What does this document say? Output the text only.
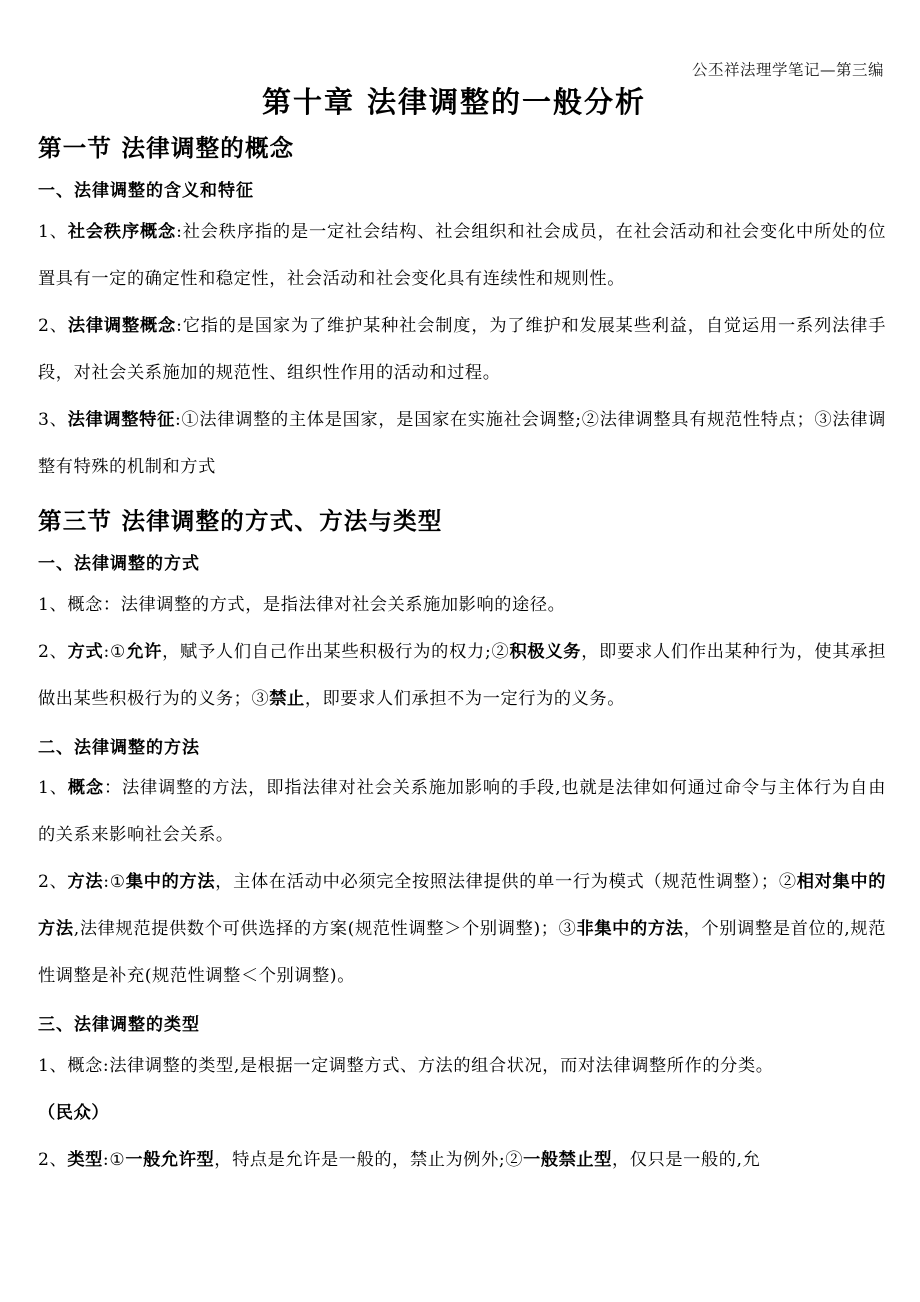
公丕祥法理学笔记—第三编
第十章 法律调整的一般分析
第一节 法律调整的概念
一、法律调整的含义和特征

1、社会秩序概念:社会秩序指的是一定社会结构、社会组织和社会成员，在社会活动和社会变化中所处的位置具有一定的确定性和稳定性，社会活动和社会变化具有连续性和规则性。

2、法律调整概念:它指的是国家为了维护某种社会制度，为了维护和发展某些利益，自觉运用一系列法律手段，对社会关系施加的规范性、组织性作用的活动和过程。

3、法律调整特征:①法律调整的主体是国家，是国家在实施社会调整;②法律调整具有规范性特点；③法律调整有特殊的机制和方式

第三节 法律调整的方式、方法与类型
一、法律调整的方式

1、概念：法律调整的方式，是指法律对社会关系施加影响的途径。

2、方式:①允许，赋予人们自己作出某些积极行为的权力;②积极义务，即要求人们作出某种行为，使其承担做出某些积极行为的义务；③禁止，即要求人们承担不为一定行为的义务。

二、法律调整的方法

1、概念：法律调整的方法，即指法律对社会关系施加影响的手段,也就是法律如何通过命令与主体行为自由的关系来影响社会关系。

2、方法:①集中的方法，主体在活动中必须完全按照法律提供的单一行为模式（规范性调整）；②相对集中的方法,法律规范提供数个可供选择的方案(规范性调整＞个别调整)；③非集中的方法，个别调整是首位的,规范性调整是补充(规范性调整＜个别调整)。

三、法律调整的类型

1、概念:法律调整的类型,是根据一定调整方式、方法的组合状况，而对法律调整所作的分类。

（民众）

2、类型:①一般允许型，特点是允许是一般的，禁止为例外;②一般禁止型，仅只是一般的,允
